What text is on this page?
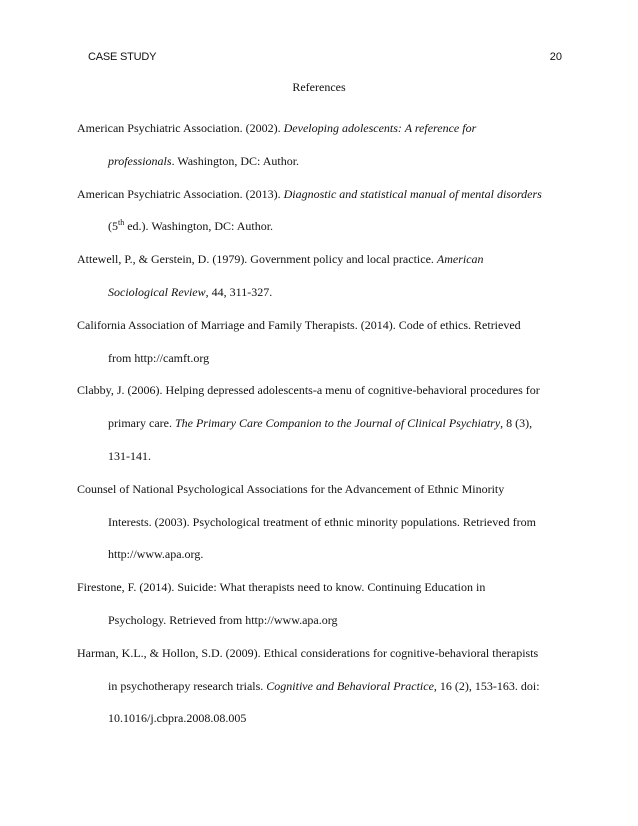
CASE STUDY	20
References
American Psychiatric Association. (2002). Developing adolescents: A reference for
professionals. Washington, DC: Author.
American Psychiatric Association. (2013). Diagnostic and statistical manual of mental disorders
(5th ed.). Washington, DC: Author.
Attewell, P., & Gerstein, D. (1979). Government policy and local practice. American
Sociological Review, 44, 311-327.
California Association of Marriage and Family Therapists. (2014). Code of ethics. Retrieved
from http://camft.org
Clabby, J. (2006). Helping depressed adolescents-a menu of cognitive-behavioral procedures for
primary care. The Primary Care Companion to the Journal of Clinical Psychiatry, 8 (3),
131-141.
Counsel of National Psychological Associations for the Advancement of Ethnic Minority
Interests. (2003). Psychological treatment of ethnic minority populations. Retrieved from
http://www.apa.org.
Firestone, F. (2014). Suicide: What therapists need to know. Continuing Education in
Psychology. Retrieved from http://www.apa.org
Harman, K.L., & Hollon, S.D. (2009). Ethical considerations for cognitive-behavioral therapists
in psychotherapy research trials. Cognitive and Behavioral Practice, 16 (2), 153-163. doi:
10.1016/j.cbpra.2008.08.005
